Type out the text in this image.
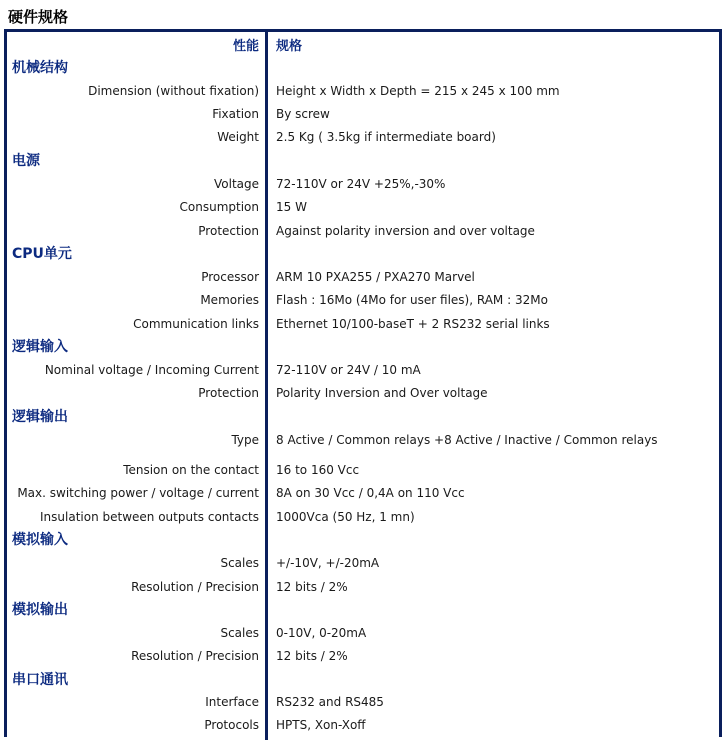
硬件规格
性能 规格
机械结构
Dimension (without fixation) Height x Width x Depth = 215 x 245 x 100 mm
Fixation By screw
Weight 2.5 Kg ( 3.5kg if intermediate board)
电源
Voltage 72-110V or 24V +25%,-30%
Consumption 15 W
Protection Against polarity inversion and over voltage
CPU单元
Processor ARM 10 PXA255 / PXA270 Marvel
Memories Flash : 16Mo (4Mo for user files), RAM : 32Mo
Communication links Ethernet 10/100-baseT + 2 RS232 serial links
逻辑输入
Nominal voltage / Incoming Current 72-110V or 24V / 10 mA
Protection Polarity Inversion and Over voltage
逻辑输出
Type 8 Active / Common relays +8 Active / Inactive / Common relays
Tension on the contact 16 to 160 Vcc
Max. switching power / voltage / current 8A on 30 Vcc / 0,4A on 110 Vcc
Insulation between outputs contacts 1000Vca (50 Hz, 1 mn)
模拟输入
Scales +/-10V, +/-20mA
Resolution / Precision 12 bits / 2%
模拟输出
Scales 0-10V, 0-20mA
Resolution / Precision 12 bits / 2%
串口通讯
Interface RS232 and RS485
Protocols HPTS, Xon-Xoff
